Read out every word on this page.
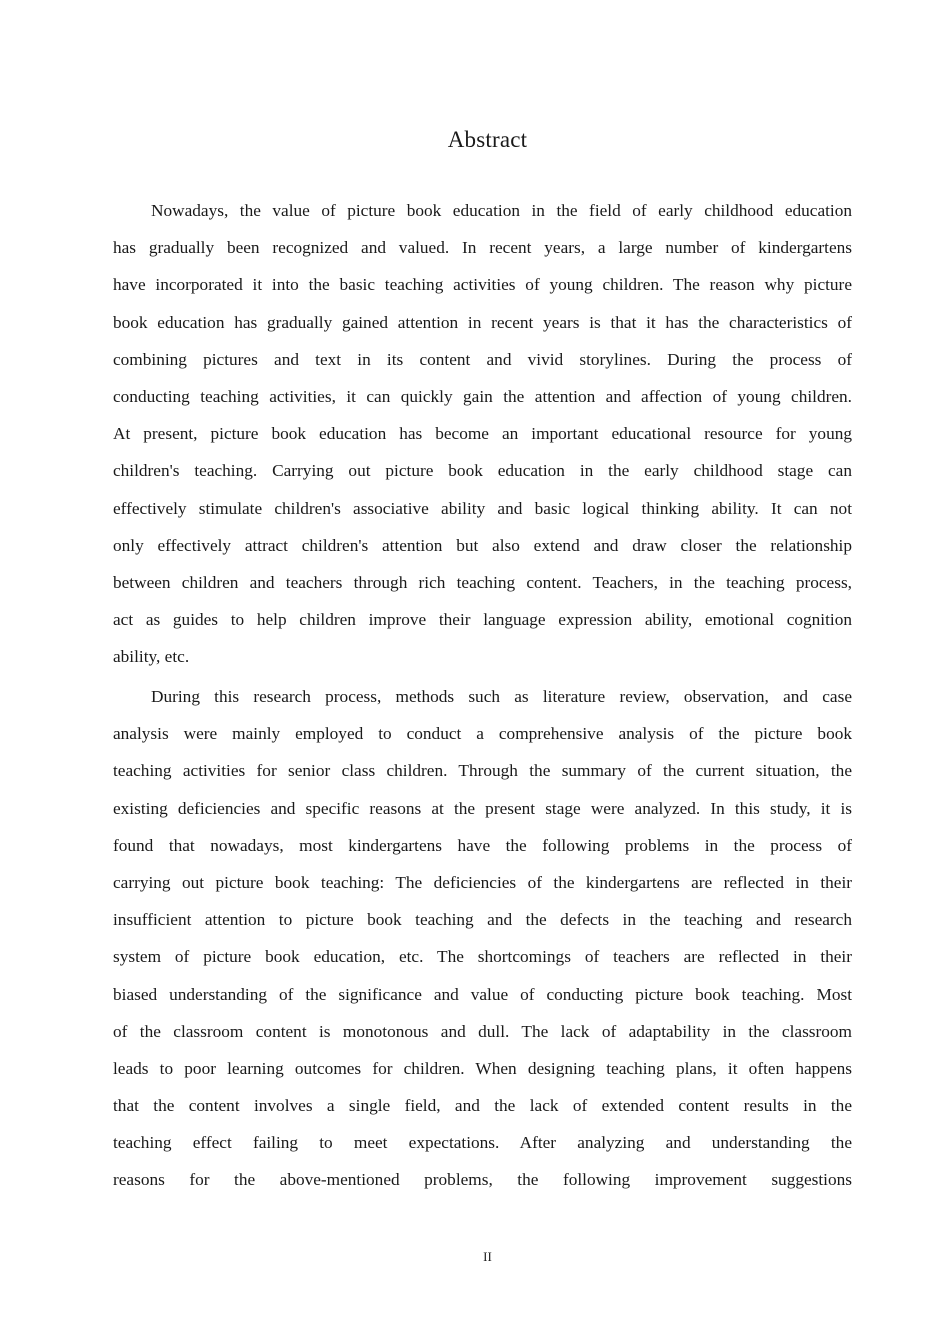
Abstract
Nowadays, the value of picture book education in the field of early childhood education
has gradually been recognized and valued. In recent years, a large number of kindergartens
have incorporated it into the basic teaching activities of young children. The reason why picture
book education has gradually gained attention in recent years is that it has the characteristics of
combining pictures and text in its content and vivid storylines. During the process of
conducting teaching activities, it can quickly gain the attention and affection of young children.
At present, picture book education has become an important educational resource for young
children's teaching. Carrying out picture book education in the early childhood stage can
effectively stimulate children's associative ability and basic logical thinking ability. It can not
only effectively attract children's attention but also extend and draw closer the relationship
between children and teachers through rich teaching content. Teachers, in the teaching process,
act as guides to help children improve their language expression ability, emotional cognition
ability, etc.
During this research process, methods such as literature review, observation, and case
analysis were mainly employed to conduct a comprehensive analysis of the picture book
teaching activities for senior class children. Through the summary of the current situation, the
existing deficiencies and specific reasons at the present stage were analyzed. In this study, it is
found that nowadays, most kindergartens have the following problems in the process of
carrying out picture book teaching: The deficiencies of the kindergartens are reflected in their
insufficient attention to picture book teaching and the defects in the teaching and research
system of picture book education, etc. The shortcomings of teachers are reflected in their
biased understanding of the significance and value of conducting picture book teaching. Most
of the classroom content is monotonous and dull. The lack of adaptability in the classroom
leads to poor learning outcomes for children. When designing teaching plans, it often happens
that the content involves a single field, and the lack of extended content results in the
teaching effect failing to meet expectations. After analyzing and understanding the
reasons for the above-mentioned problems, the following improvement suggestions
II
